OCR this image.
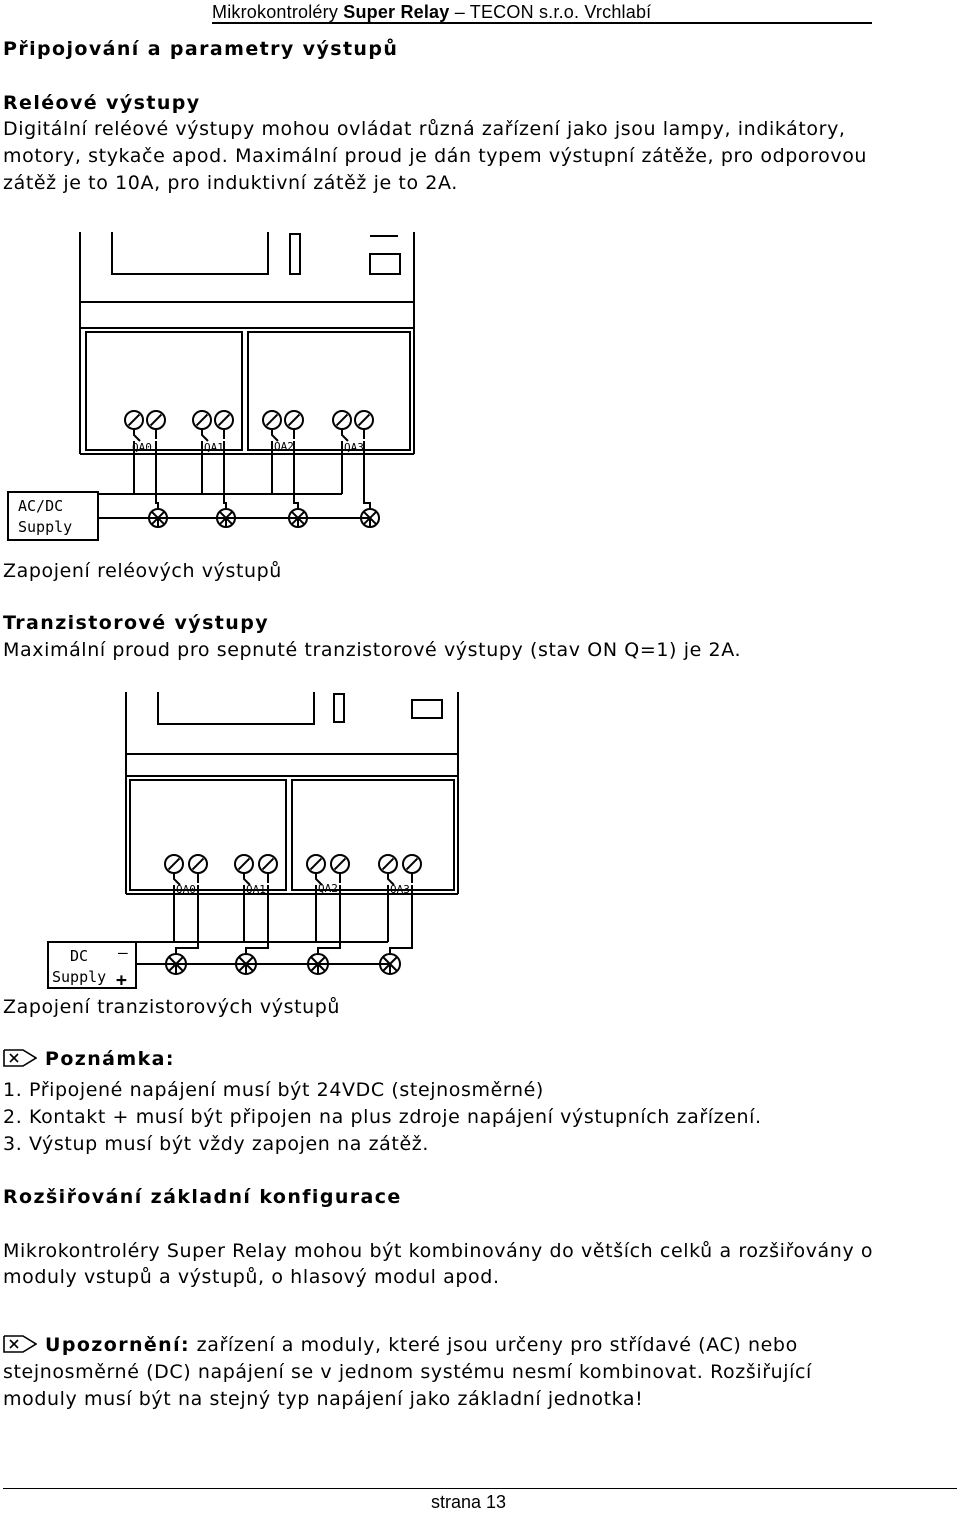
Mikrokontroléry Super Relay – TECON s.r.o. Vrchlabí
Připojování a parametry výstupů
Reléové výstupy
Digitální reléové výstupy mohou ovládat různá zařízení jako jsou lampy, indikátory,
motory, stykače apod. Maximální proud je dán typem výstupní zátěže, pro odporovou
zátěž je to 10A, pro induktivní zátěž je to 2A.
QA0	QA1	QA2	QA3
AC/DC
Supply
Zapojení reléových výstupů
Tranzistorové výstupy
Maximální proud pro sepnuté tranzistorové výstupy (stav ON Q=1) je 2A.
QA0	QA1	QA2	QA3
DC
Supply
–
+
Zapojení tranzistorových výstupů
Poznámka:
1. Připojené napájení musí být 24VDC (stejnosměrné)
2. Kontakt + musí být připojen na plus zdroje napájení výstupních zařízení.
3. Výstup musí být vždy zapojen na zátěž.
Rozšiřování základní konfigurace
Mikrokontroléry Super Relay mohou být kombinovány do větších celků a rozšiřovány o
moduly vstupů a výstupů, o hlasový modul apod.
Upozornění: zařízení a moduly, které jsou určeny pro střídavé (AC) nebo
stejnosměrné (DC) napájení se v jednom systému nesmí kombinovat. Rozšiřující
moduly musí být na stejný typ napájení jako základní jednotka!
strana 13
